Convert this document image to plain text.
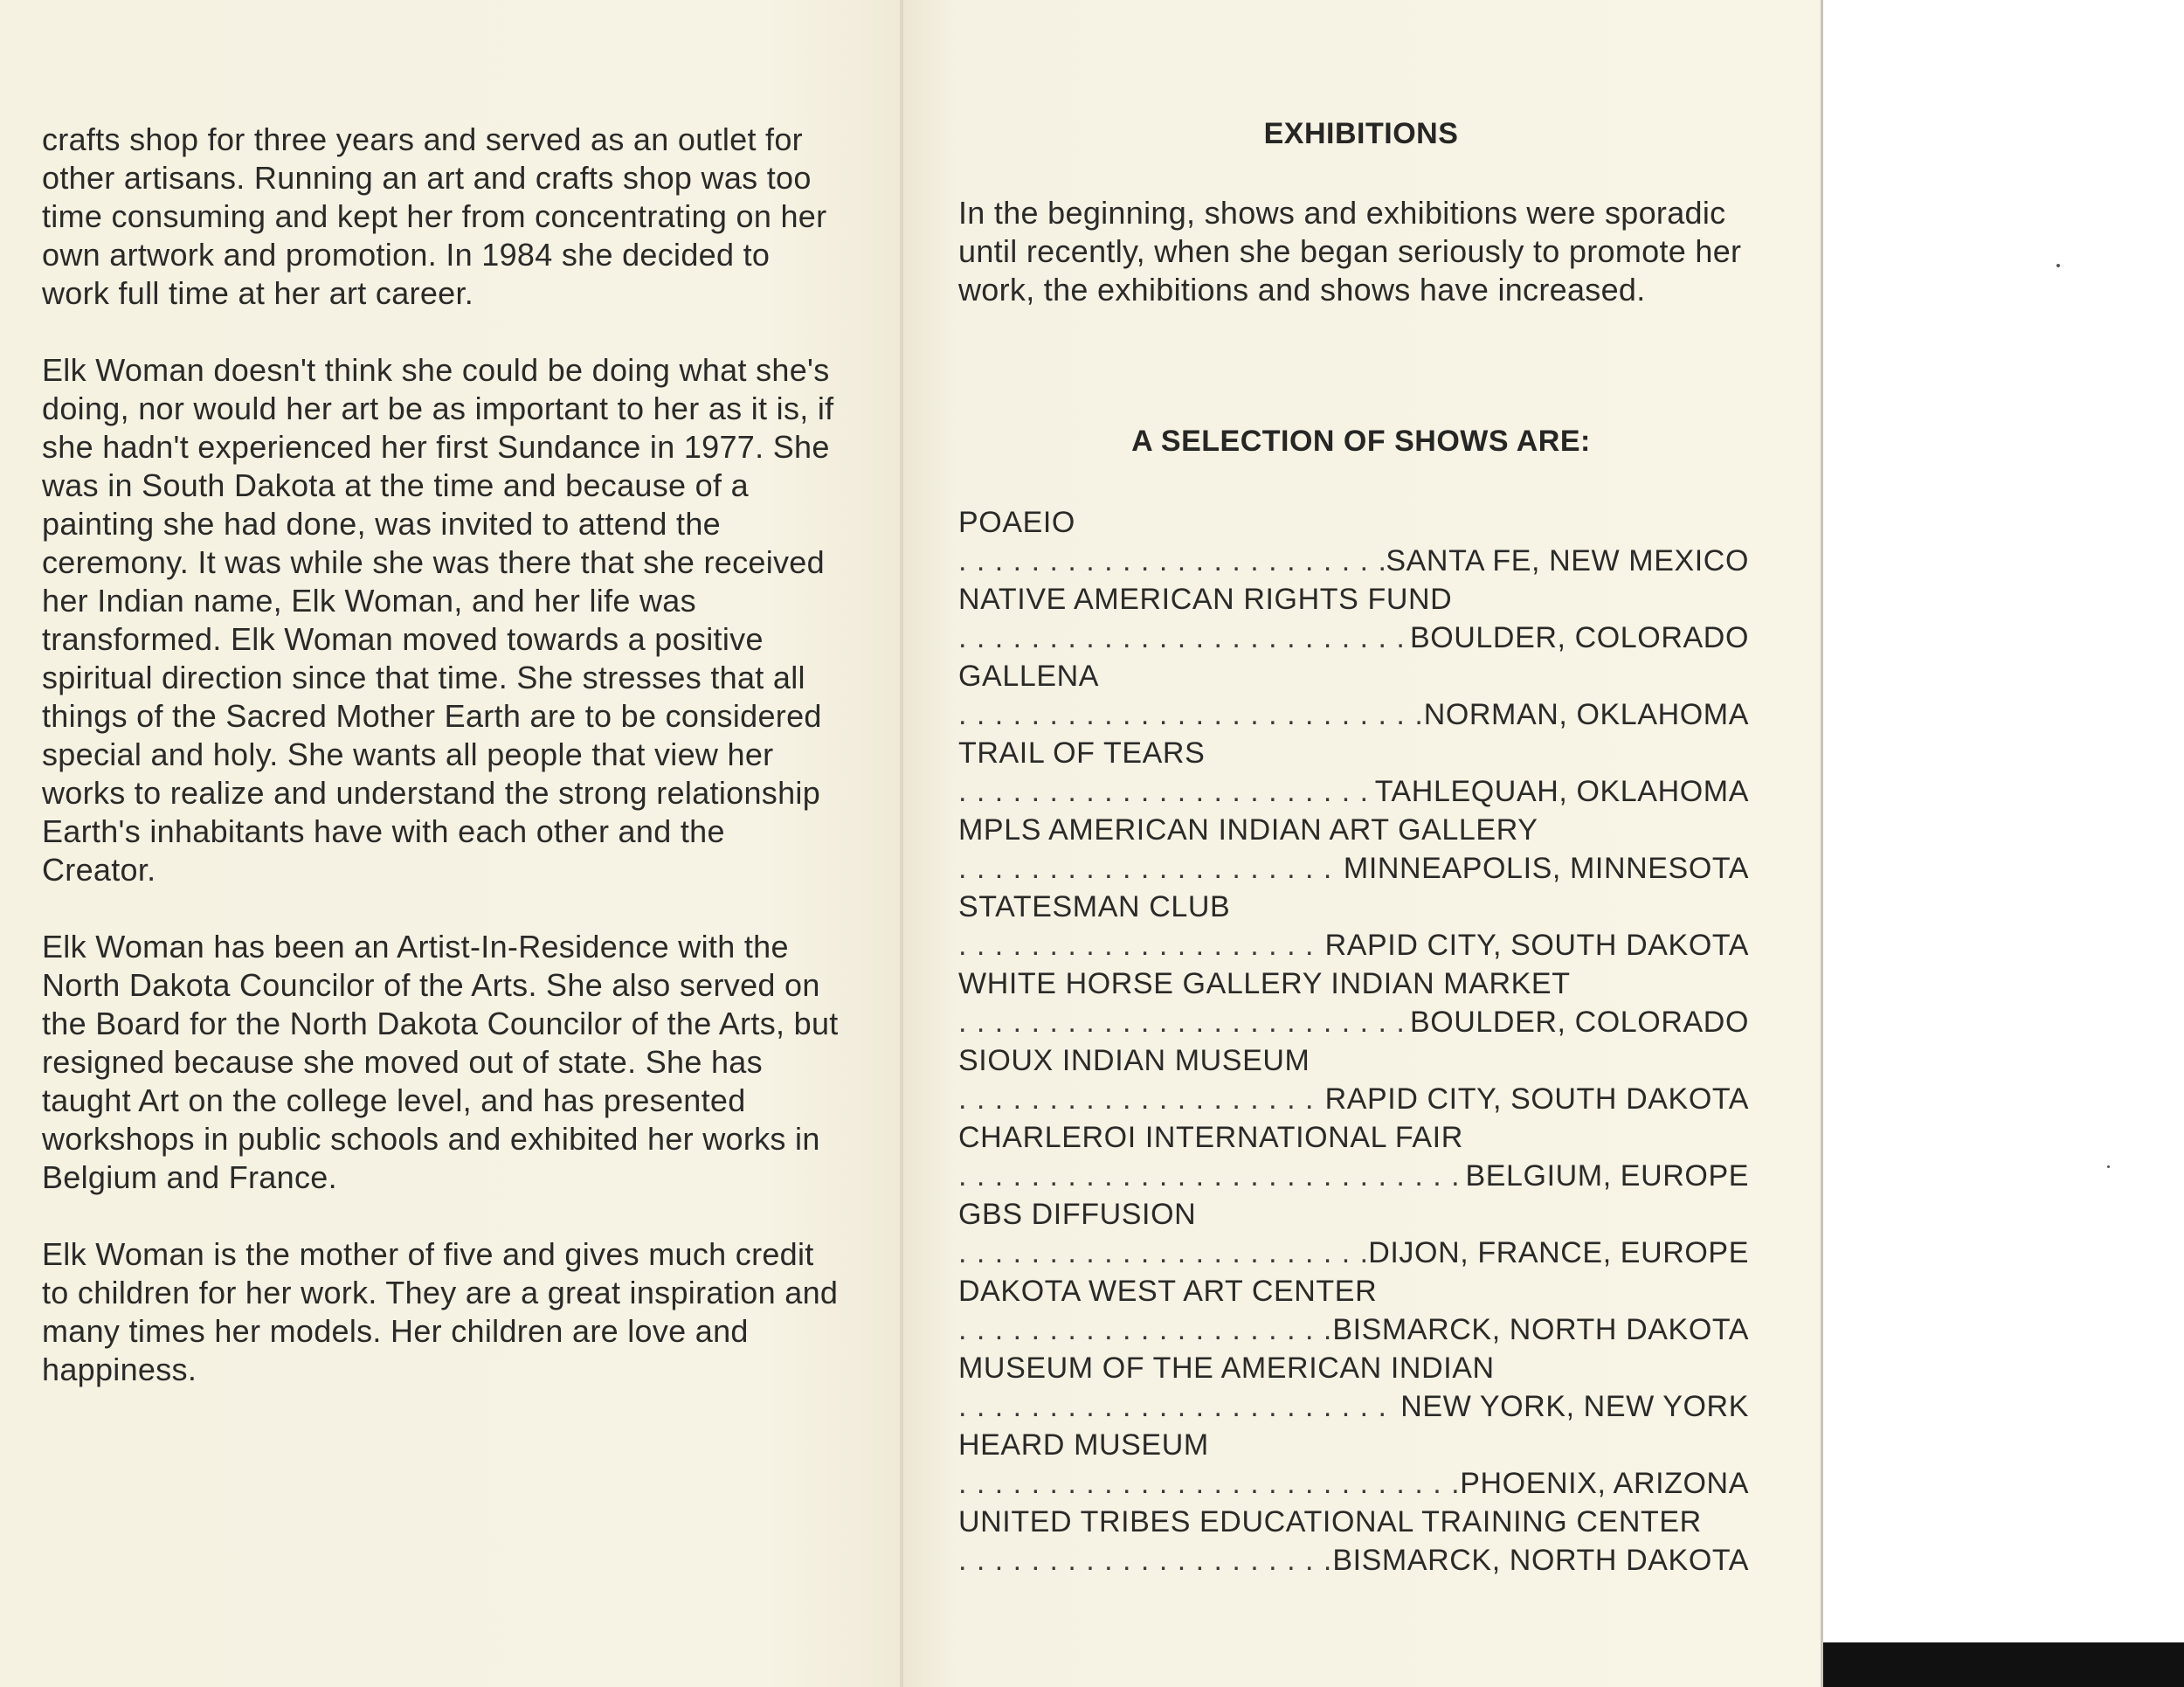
crafts shop for three years and served as an outlet for other artisans. Running an art and crafts shop was too time consuming and kept her from concentrating on her own artwork and promotion. In 1984 she decided to work full time at her art career.

Elk Woman doesn't think she could be doing what she's doing, nor would her art be as important to her as it is, if she hadn't experienced her first Sundance in 1977. She was in South Dakota at the time and because of a painting she had done, was invited to attend the ceremony. It was while she was there that she received her Indian name, Elk Woman, and her life was transformed. Elk Woman moved towards a positive spiritual direction since that time. She stresses that all things of the Sacred Mother Earth are to be considered special and holy. She wants all people that view her works to realize and understand the strong relationship Earth's inhabitants have with each other and the Creator.

Elk Woman has been an Artist-In-Residence with the North Dakota Councilor of the Arts. She also served on the Board for the North Dakota Councilor of the Arts, but resigned because she moved out of state. She has taught Art on the college level, and has presented workshops in public schools and exhibited her works in Belgium and France.

Elk Woman is the mother of five and gives much credit to children for her work. They are a great inspiration and many times her models. Her children are love and happiness.

EXHIBITIONS

In the beginning, shows and exhibitions were sporadic until recently, when she began seriously to promote her work, the exhibitions and shows have increased.

A SELECTION OF SHOWS ARE:
POAEIO
. . .
SANTA FE, NEW MEXICO
NATIVE AMERICAN RIGHTS FUND
. . .
BOULDER, COLORADO
GALLENA
. . .
NORMAN, OKLAHOMA
TRAIL OF TEARS
. . .
TAHLEQUAH, OKLAHOMA
MPLS AMERICAN INDIAN ART GALLERY
. . .
MINNEAPOLIS, MINNESOTA
STATESMAN CLUB
. . .
RAPID CITY, SOUTH DAKOTA
WHITE HORSE GALLERY INDIAN MARKET
. . .
BOULDER, COLORADO
SIOUX INDIAN MUSEUM
. . .
RAPID CITY, SOUTH DAKOTA
CHARLEROI INTERNATIONAL FAIR
. . .
BELGIUM, EUROPE
GBS DIFFUSION
. . .
DIJON, FRANCE, EUROPE
DAKOTA WEST ART CENTER
. . .
BISMARCK, NORTH DAKOTA
MUSEUM OF THE AMERICAN INDIAN
. . .
NEW YORK, NEW YORK
HEARD MUSEUM
. . .
PHOENIX, ARIZONA
UNITED TRIBES EDUCATIONAL TRAINING CENTER
. . .
BISMARCK, NORTH DAKOTA
